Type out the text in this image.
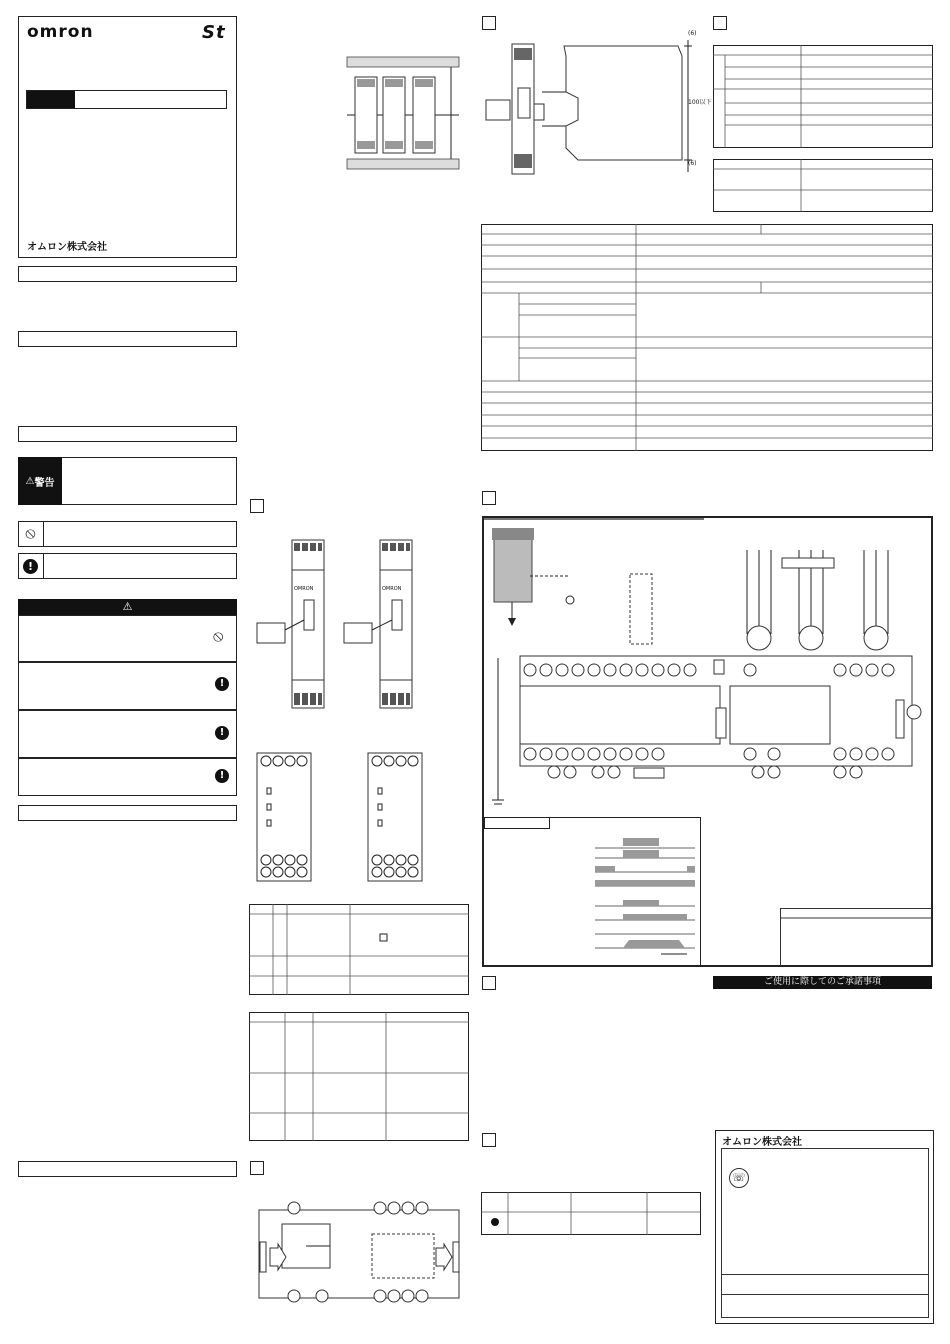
omron	St
オムロン株式会社
⚠ 警告
⦸
!
⚠
⦸
!
!
!
OMRON	OMRON
(6)
100以下
(6)
ご使用に際してのご承諾事項
オムロン株式会社
☏
